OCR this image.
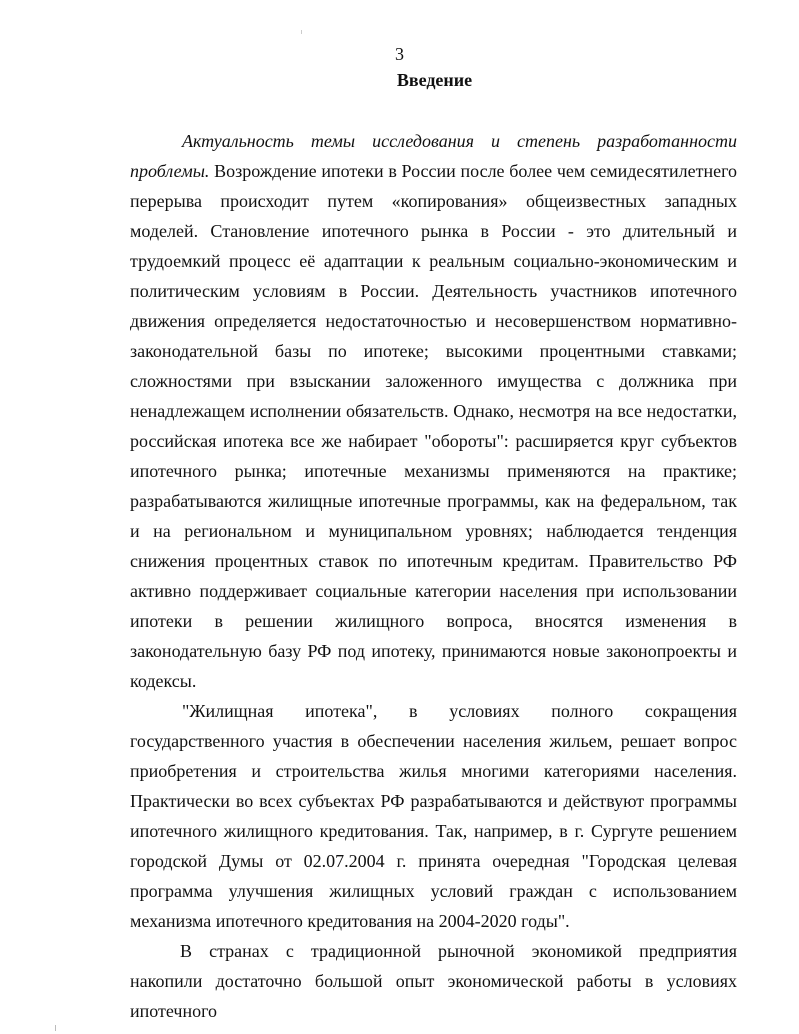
3
Введение

Актуальность темы исследования и степень разработанности проблемы. Возрождение ипотеки в России после более чем семидесятилетнего перерыва происходит путем «копирования» общеизвестных западных моделей. Становление ипотечного рынка в России - это длительный и трудоемкий процесс её адаптации к реальным социально-экономическим и политическим условиям в России. Деятельность участников ипотечного движения определяется недостаточностью и несовершенством нормативно-законодательной базы по ипотеке; высокими процентными ставками; сложностями при взыскании заложенного имущества с должника при ненадлежащем исполнении обязательств. Однако, несмотря на все недостатки, российская ипотека все же набирает "обороты": расширяется круг субъектов ипотечного рынка; ипотечные механизмы применяются на практике; разрабатываются жилищные ипотечные программы, как на федеральном, так и на региональном и муниципальном уровнях; наблюдается тенденция снижения процентных ставок по ипотечным кредитам. Правительство РФ активно поддерживает социальные категории населения при использовании ипотеки в решении жилищного вопроса, вносятся изменения в законодательную базу РФ под ипотеку, принимаются новые законопроекты и кодексы.

"Жилищная ипотека", в условиях полного сокращения государственного участия в обеспечении населения жильем, решает вопрос приобретения и строительства жилья многими категориями населения. Практически во всех субъектах РФ разрабатываются и действуют программы ипотечного жилищного кредитования. Так, например, в г. Сургуте решением городской Думы от 02.07.2004 г. принята очередная "Городская целевая программа улучшения жилищных условий граждан с использованием механизма ипотечного кредитования на 2004-2020 годы".

В странах с традиционной рыночной экономикой предприятия накопили достаточно большой опыт экономической работы в условиях ипотечного
